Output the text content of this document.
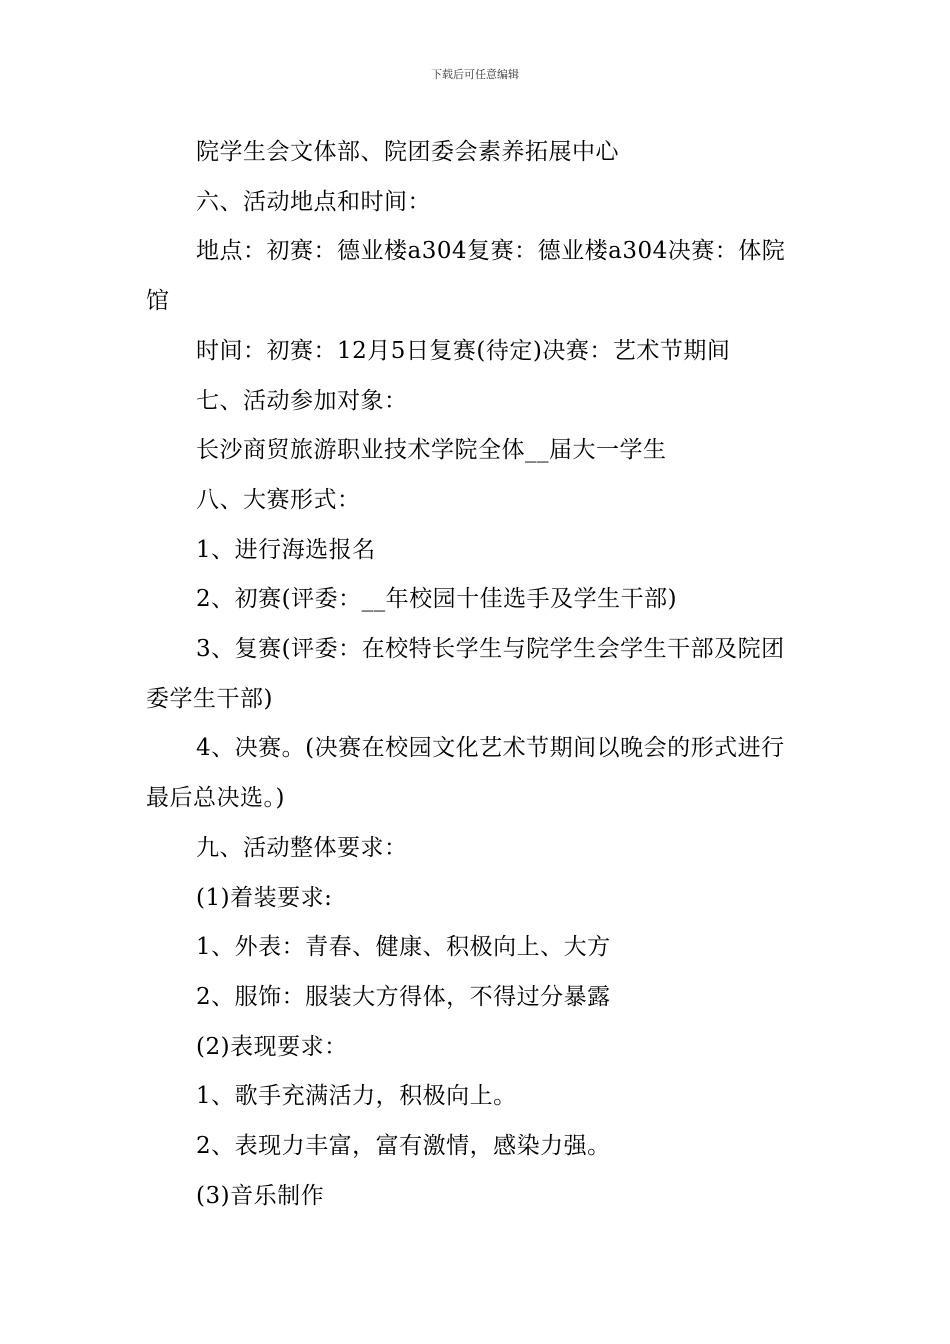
下载后可任意编辑

院学生会文体部、院团委会素养拓展中心

六、活动地点和时间：

地点：初赛：德业楼a304复赛：德业楼a304决赛：体院馆

时间：初赛：12月5日复赛(待定)决赛：艺术节期间

七、活动参加对象：

长沙商贸旅游职业技术学院全体__届大一学生

八、大赛形式：

1、进行海选报名

2、初赛(评委：__年校园十佳选手及学生干部)

3、复赛(评委：在校特长学生与院学生会学生干部及院团委学生干部)

4、决赛。(决赛在校园文化艺术节期间以晚会的形式进行最后总决选。)

九、活动整体要求：

(1)着装要求:

1、外表：青春、健康、积极向上、大方

2、服饰：服装大方得体，不得过分暴露

(2)表现要求：

1、歌手充满活力，积极向上。

2、表现力丰富，富有激情，感染力强。

(3)音乐制作
